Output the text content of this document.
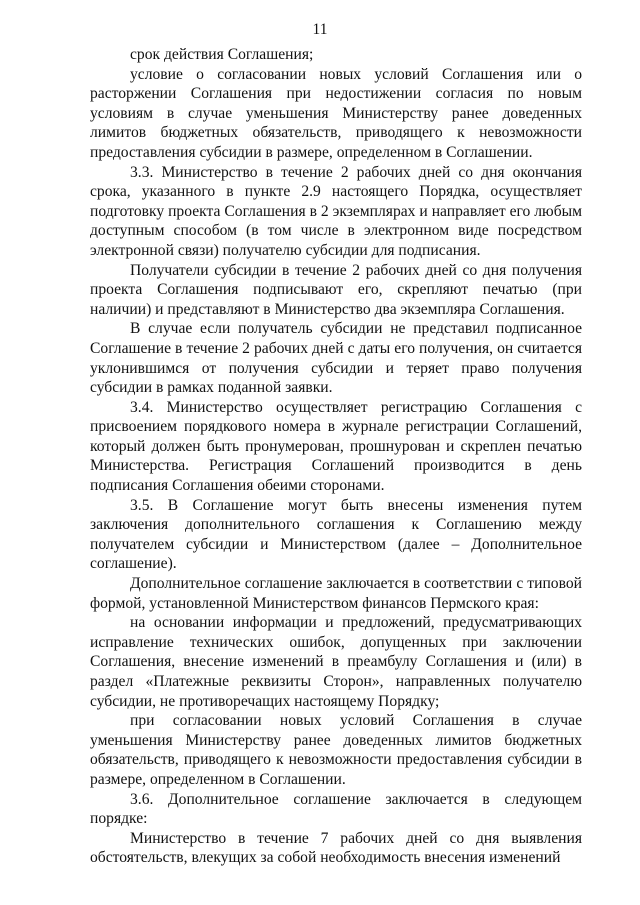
11

срок действия Соглашения;

условие о согласовании новых условий Соглашения или о расторжении Соглашения при недостижении согласия по новым условиям в случае уменьшения Министерству ранее доведенных лимитов бюджетных обязательств, приводящего к невозможности предоставления субсидии в размере, определенном в Соглашении.

3.3. Министерство в течение 2 рабочих дней со дня окончания срока, указанного в пункте 2.9 настоящего Порядка, осуществляет подготовку проекта Соглашения в 2 экземплярах и направляет его любым доступным способом (в том числе в электронном виде посредством электронной связи) получателю субсидии для подписания.

Получатели субсидии в течение 2 рабочих дней со дня получения проекта Соглашения подписывают его, скрепляют печатью (при наличии) и представляют в Министерство два экземпляра Соглашения.

В случае если получатель субсидии не представил подписанное Соглашение в течение 2 рабочих дней с даты его получения, он считается уклонившимся от получения субсидии и теряет право получения субсидии в рамках поданной заявки.

3.4. Министерство осуществляет регистрацию Соглашения с присвоением порядкового номера в журнале регистрации Соглашений, который должен быть пронумерован, прошнурован и скреплен печатью Министерства. Регистрация Соглашений производится в день подписания Соглашения обеими сторонами.

3.5. В Соглашение могут быть внесены изменения путем заключения дополнительного соглашения к Соглашению между получателем субсидии и Министерством (далее – Дополнительное соглашение).

Дополнительное соглашение заключается в соответствии с типовой формой, установленной Министерством финансов Пермского края:

на основании информации и предложений, предусматривающих исправление технических ошибок, допущенных при заключении Соглашения, внесение изменений в преамбулу Соглашения и (или) в раздел «Платежные реквизиты Сторон», направленных получателю субсидии, не противоречащих настоящему Порядку;

при согласовании новых условий Соглашения в случае уменьшения Министерству ранее доведенных лимитов бюджетных обязательств, приводящего к невозможности предоставления субсидии в размере, определенном в Соглашении.

3.6. Дополнительное соглашение заключается в следующем порядке:

Министерство в течение 7 рабочих дней со дня выявления обстоятельств, влекущих за собой необходимость внесения изменений
